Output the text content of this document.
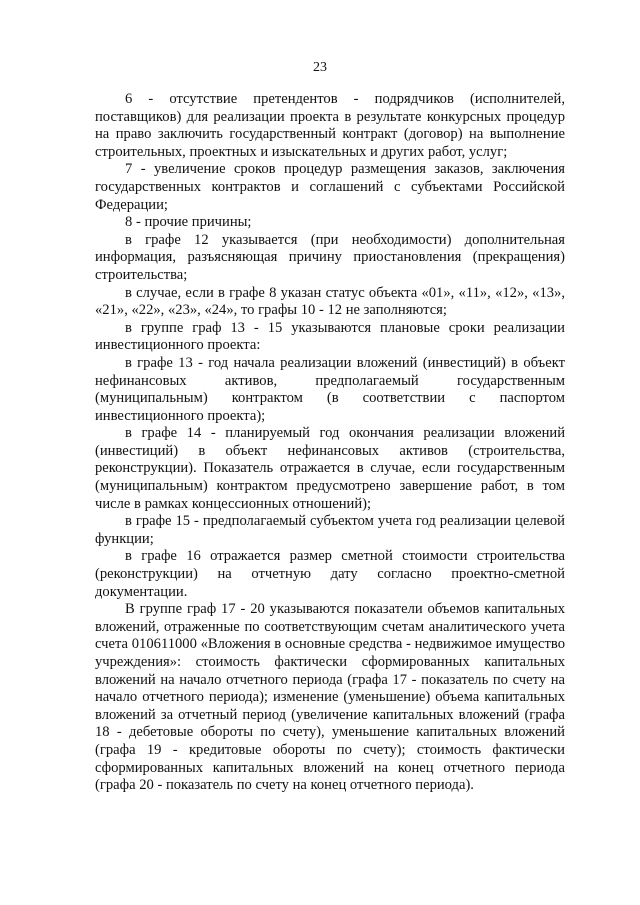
23

6 - отсутствие претендентов - подрядчиков (исполнителей, поставщиков) для реализации проекта в результате конкурсных процедур на право заключить государственный контракт (договор) на выполнение строительных, проектных и изыскательных и других работ, услуг;

7 - увеличение сроков процедур размещения заказов, заключения государственных контрактов и соглашений с субъектами Российской Федерации;

8 - прочие причины;

в графе 12 указывается (при необходимости) дополнительная информация, разъясняющая причину приостановления (прекращения) строительства;

в случае, если в графе 8 указан статус объекта «01», «11», «12», «13», «21», «22», «23», «24», то графы 10 - 12 не заполняются;

в группе граф 13 - 15 указываются плановые сроки реализации инвестиционного проекта:

в графе 13 - год начала реализации вложений (инвестиций) в объект нефинансовых активов, предполагаемый государственным (муниципальным) контрактом (в соответствии с паспортом инвестиционного проекта);

в графе 14 - планируемый год окончания реализации вложений (инвестиций) в объект нефинансовых активов (строительства, реконструкции). Показатель отражается в случае, если государственным (муниципальным) контрактом предусмотрено завершение работ, в том числе в рамках концессионных отношений);

в графе 15 - предполагаемый субъектом учета год реализации целевой функции;

в графе 16 отражается размер сметной стоимости строительства (реконструкции) на отчетную дату согласно проектно-сметной документации.

В группе граф 17 - 20 указываются показатели объемов капитальных вложений, отраженные по соответствующим счетам аналитического учета счета 010611000 «Вложения в основные средства - недвижимое имущество учреждения»: стоимость фактически сформированных капитальных вложений на начало отчетного периода (графа 17 - показатель по счету на начало отчетного периода); изменение (уменьшение) объема капитальных вложений за отчетный период (увеличение капитальных вложений (графа 18 - дебетовые обороты по счету), уменьшение капитальных вложений (графа 19 - кредитовые обороты по счету); стоимость фактически сформированных капитальных вложений на конец отчетного периода (графа 20 - показатель по счету на конец отчетного периода).
